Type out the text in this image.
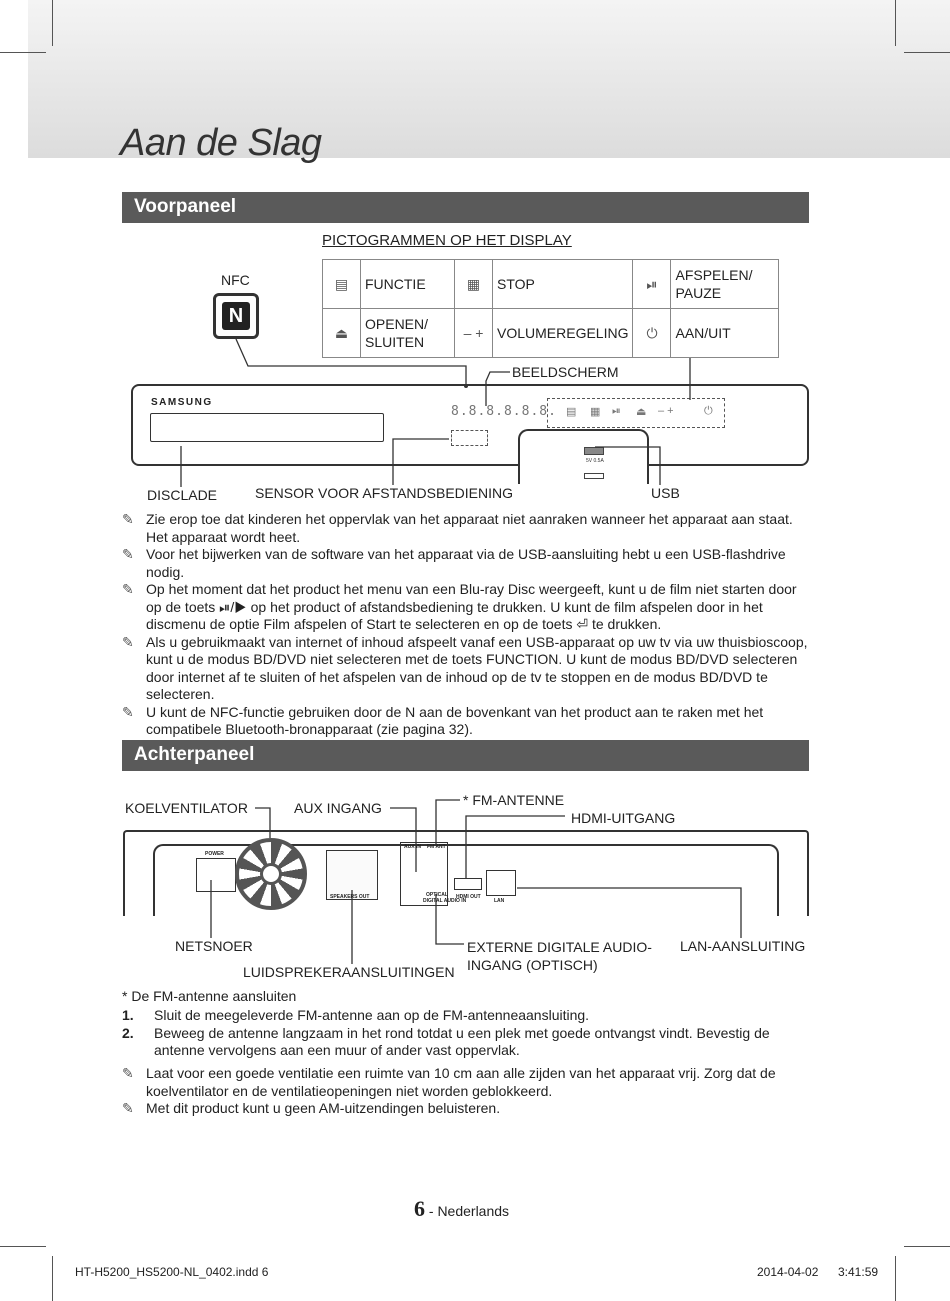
Aan de Slag
Voorpaneel
PICTOGRAMMEN OP HET DISPLAY
NFC
N
▤	FUNCTIE	▦	STOP	⏯	AFSPELEN/ PAUZE
⏏	OPENEN/ SLUITEN	– +	VOLUMEREGELING	⏻	AAN/UIT
BEELDSCHERM
SAMSUNG
8.8.8.8.8.8. ▤ ▦ ⏯ ⏏ – +	⏻
5V 0.5A
DISCLADE	SENSOR VOOR AFSTANDSBEDIENING	USB
✎ Zie erop toe dat kinderen het oppervlak van het apparaat niet aanraken wanneer het apparaat aan staat. Het apparaat wordt heet.
✎ Voor het bijwerken van de software van het apparaat via de USB-aansluiting hebt u een USB-flashdrive nodig.
✎ Op het moment dat het product het menu van een Blu-ray Disc weergeeft, kunt u de film niet starten door op de toets ⏯/▶ op het product of afstandsbediening te drukken. U kunt de film afspelen door in het discmenu de optie Film afspelen of Start te selecteren en op de toets ⏎ te drukken.
✎ Als u gebruikmaakt van internet of inhoud afspeelt vanaf een USB-apparaat op uw tv via uw thuisbioscoop, kunt u de modus BD/DVD niet selecteren met de toets FUNCTION. U kunt de modus BD/DVD selecteren door internet af te sluiten of het afspelen van de inhoud op de tv te stoppen en de modus BD/DVD te selecteren.
✎ U kunt de NFC-functie gebruiken door de N aan de bovenkant van het product aan te raken met het compatibele Bluetooth-bronapparaat (zie pagina 32).
Achterpaneel
KOELVENTILATOR	AUX INGANG	* FM-ANTENNE
HDMI-UITGANG
POWER
SPEAKERS OUT
AUX IN FM ANT
OPTICAL
DIGITAL AUDIO IN
HDMI OUT
LAN
NETSNOER	EXTERNE DIGITALE AUDIO-
INGANG (OPTISCH)
LAN-AANSLUITING
LUIDSPREKERAANSLUITINGEN
* De FM-antenne aansluiten
1. Sluit de meegeleverde FM-antenne aan op de FM-antenneaansluiting.
2. Beweeg de antenne langzaam in het rond totdat u een plek met goede ontvangst vindt. Bevestig de antenne vervolgens aan een muur of ander vast oppervlak.
✎ Laat voor een goede ventilatie een ruimte van 10 cm aan alle zijden van het apparaat vrij. Zorg dat de koelventilator en de ventilatieopeningen niet worden geblokkeerd.
✎ Met dit product kunt u geen AM-uitzendingen beluisteren.
6 - Nederlands
HT-H5200_HS5200-NL_0402.indd 6	2014-04-02 3:41:59
